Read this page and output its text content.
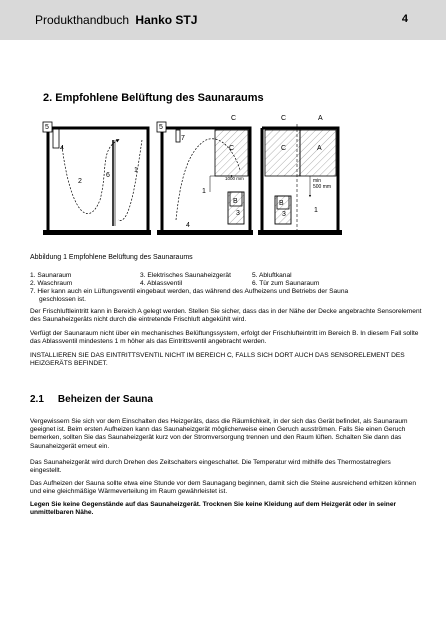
Produkthandbuch Hanko STJ	4
2. Empfohlene Belüftung des Saunaraums
5
4
2
6
1
5
7
C
C
1000 mm
1
B
3
4
C	A
C	A
min
500 mm
B
3
1
Abbildung 1 Empfohlene Belüftung des Saunaraums
1. Saunaraum	3. Elektrisches Saunaheizgerät	5. Abluftkanal
2. Waschraum	4. Ablassventil	6. Tür zum Saunaraum
7. Hier kann auch ein Lüftungsventil eingebaut werden, das während des Aufheizens und Betriebs der Sauna
geschlossen ist.
Der Frischluftleintritt kann in Bereich A gelegt werden. Stellen Sie sicher, dass das in der Nähe der Decke angebrachte Sensorelement des Saunaheizgeräts nicht durch die eintretende Frischluft abgekühlt wird.
Verfügt der Saunaraum nicht über ein mechanisches Belüftungssystem, erfolgt der Frischlufteintritt im Bereich B. In diesem Fall sollte das Ablassventil mindestens 1 m höher als das Eintrittsventil angebracht werden.
INSTALLIEREN SIE DAS EINTRITTSVENTIL NICHT IM BEREICH C, FALLS SICH DORT AUCH DAS SENSORELEMENT DES HEIZGERÄTS BEFINDET.
2.1 Beheizen der Sauna
Vergewissern Sie sich vor dem Einschalten des Heizgeräts, dass die Räumlichkeit, in der sich das Gerät befindet, als Saunaraum geeignet ist. Beim ersten Aufheizen kann das Saunaheizgerät möglicherweise einen Geruch ausströmen. Falls Sie einen Geruch bemerken, sollten Sie das Saunaheizgerät kurz von der Stromversorgung trennen und den Raum lüften. Schalten Sie dann das Saunaheizgerät erneut ein.
Das Saunaheizgerät wird durch Drehen des Zeitschalters eingeschaltet. Die Temperatur wird mithilfe des Thermostatreglers eingestellt.
Das Aufheizen der Sauna sollte etwa eine Stunde vor dem Saunagang beginnen, damit sich die Steine ausreichend erhitzen können und eine gleichmäßige Wärmeverteilung im Raum gewährleistet ist.
Legen Sie keine Gegenstände auf das Saunaheizgerät. Trocknen Sie keine Kleidung auf dem Heizgerät oder in seiner unmittelbaren Nähe.
